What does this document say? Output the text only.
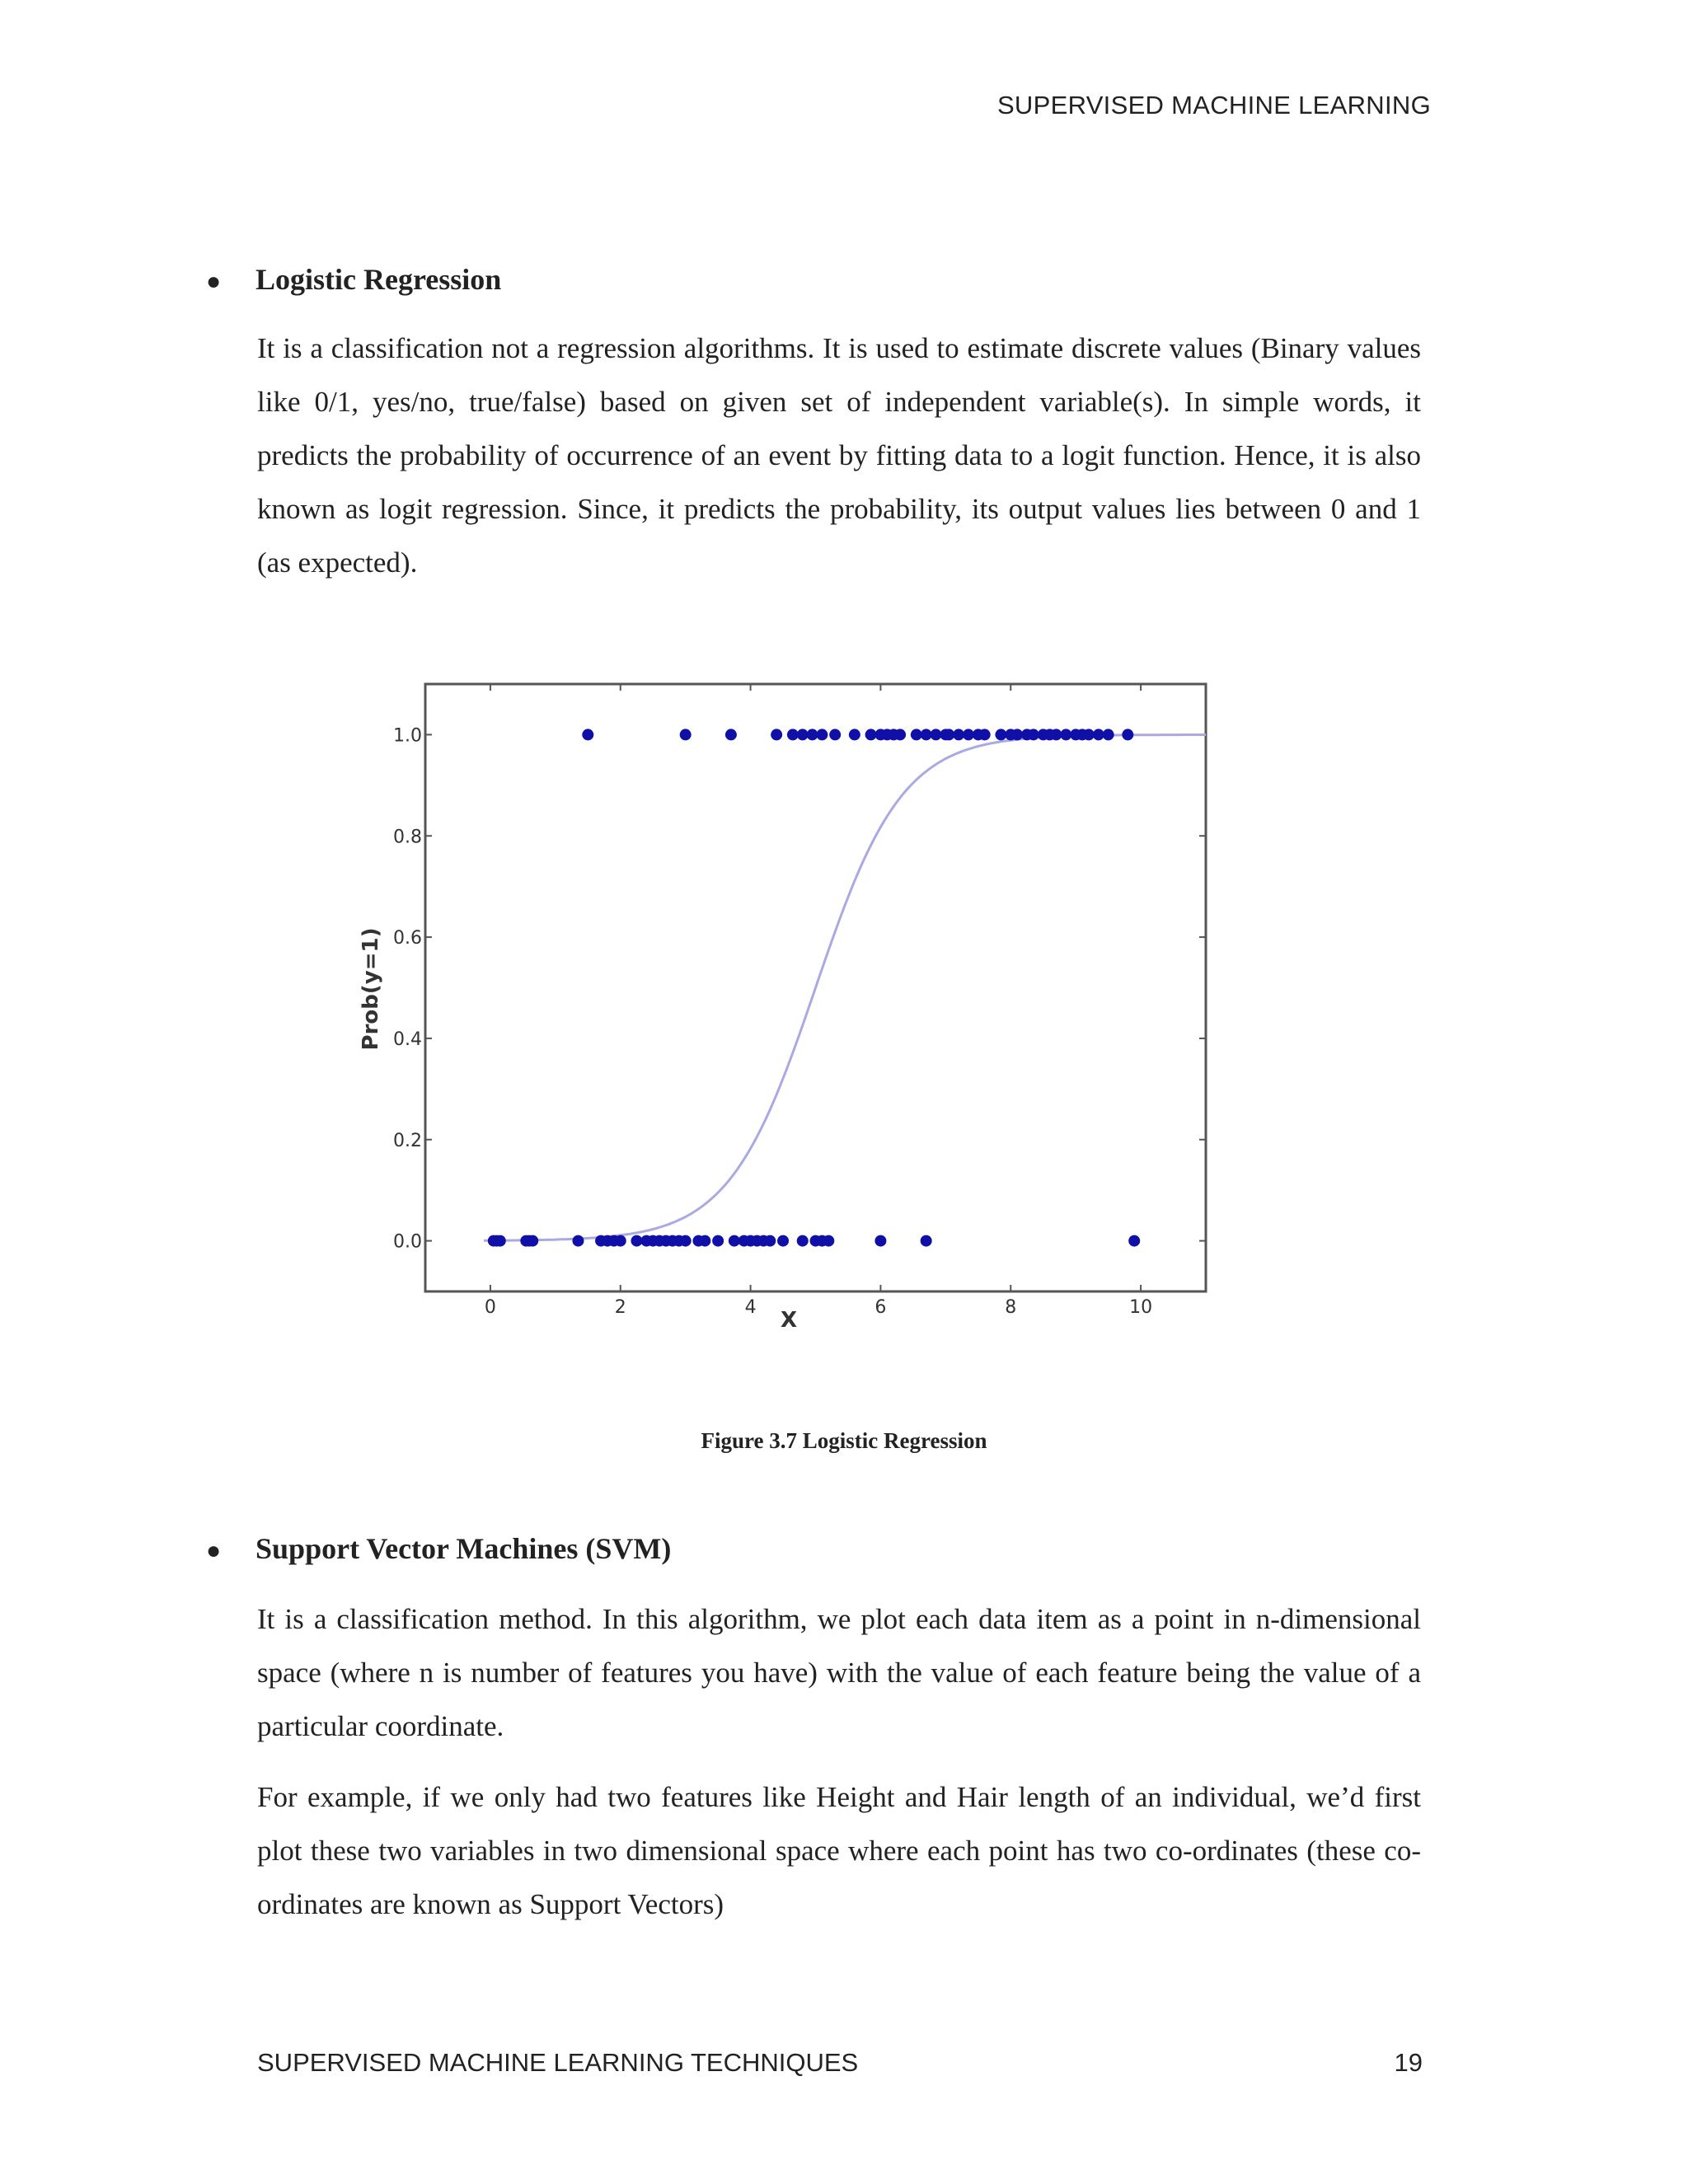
SUPERVISED MACHINE LEARNING
●	Logistic Regression
It is a classification not a regression algorithms. It is used to estimate discrete values (Binary values like 0/1, yes/no, true/false) based on given set of independent variable(s). In simple words, it predicts the probability of occurrence of an event by fitting data to a logit function. Hence, it is also known as logit regression. Since, it predicts the probability, its output values lies between 0 and 1 (as expected).
0	2	4	6	8	10
0.0
0.2
0.4
0.6
0.8
1.0
X
Prob(y=1)
Figure 3.7 Logistic Regression
●	Support Vector Machines (SVM)
It is a classification method. In this algorithm, we plot each data item as a point in n-dimensional space (where n is number of features you have) with the value of each feature being the value of a particular coordinate.
For example, if we only had two features like Height and Hair length of an individual, we’d first plot these two variables in two dimensional space where each point has two co-ordinates (these co-ordinates are known as Support Vectors)
SUPERVISED MACHINE LEARNING TECHNIQUES	19
